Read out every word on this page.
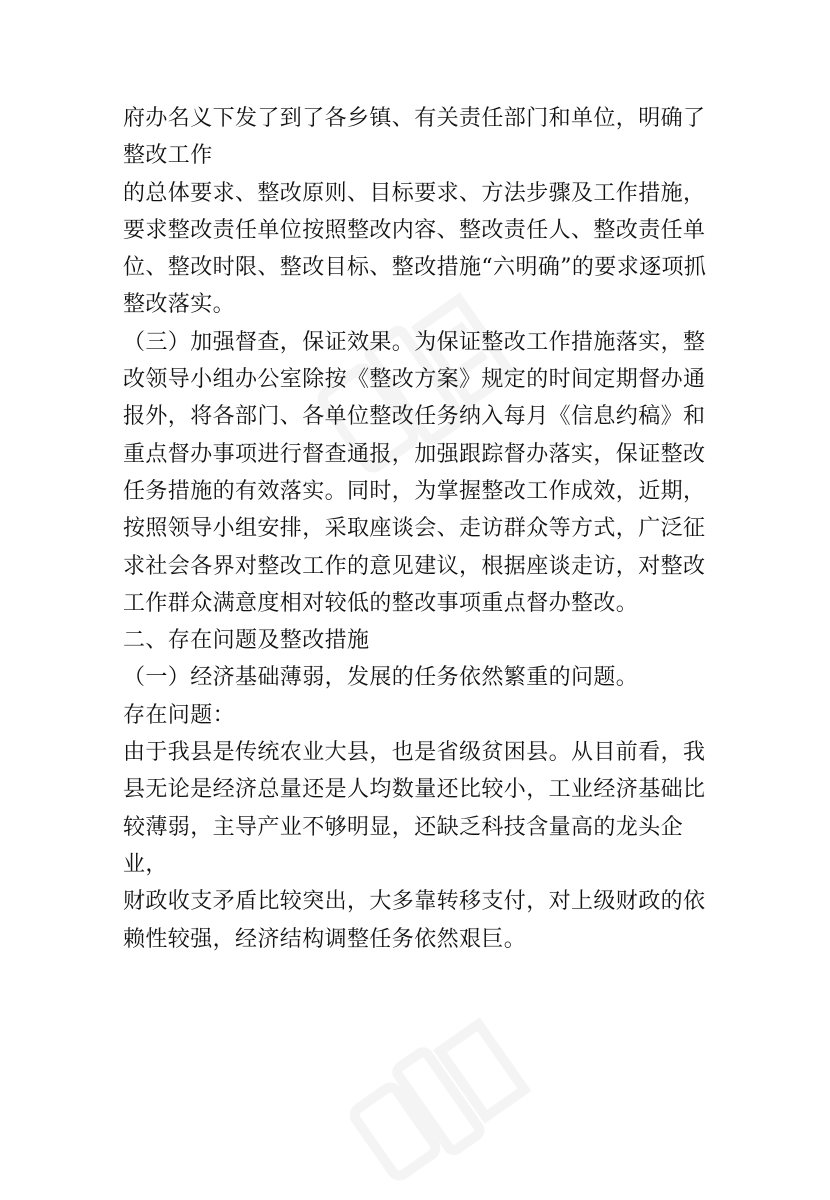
府办名义下发了到了各乡镇、有关责任部门和单位，明确了
整改工作

的总体要求、整改原则、目标要求、方法步骤及工作措施，
要求整改责任单位按照整改内容、整改责任人、整改责任单
位、整改时限、整改目标、整改措施“六明确”的要求逐项抓
整改落实。

（三）加强督查，保证效果。为保证整改工作措施落实，整
改领导小组办公室除按《整改方案》规定的时间定期督办通
报外，将各部门、各单位整改任务纳入每月《信息约稿》和
重点督办事项进行督查通报，加强跟踪督办落实，保证整改
任务措施的有效落实。同时，为掌握整改工作成效，近期，
按照领导小组安排，采取座谈会、走访群众等方式，广泛征
求社会各界对整改工作的意见建议，根据座谈走访，对整改
工作群众满意度相对较低的整改事项重点督办整改。

二、存在问题及整改措施

（一）经济基础薄弱，发展的任务依然繁重的问题。

存在问题：

由于我县是传统农业大县，也是省级贫困县。从目前看，我
县无论是经济总量还是人均数量还比较小，工业经济基础比
较薄弱，主导产业不够明显，还缺乏科技含量高的龙头企业，
财政收支矛盾比较突出，大多靠转移支付，对上级财政的依
赖性较强，经济结构调整任务依然艰巨。
